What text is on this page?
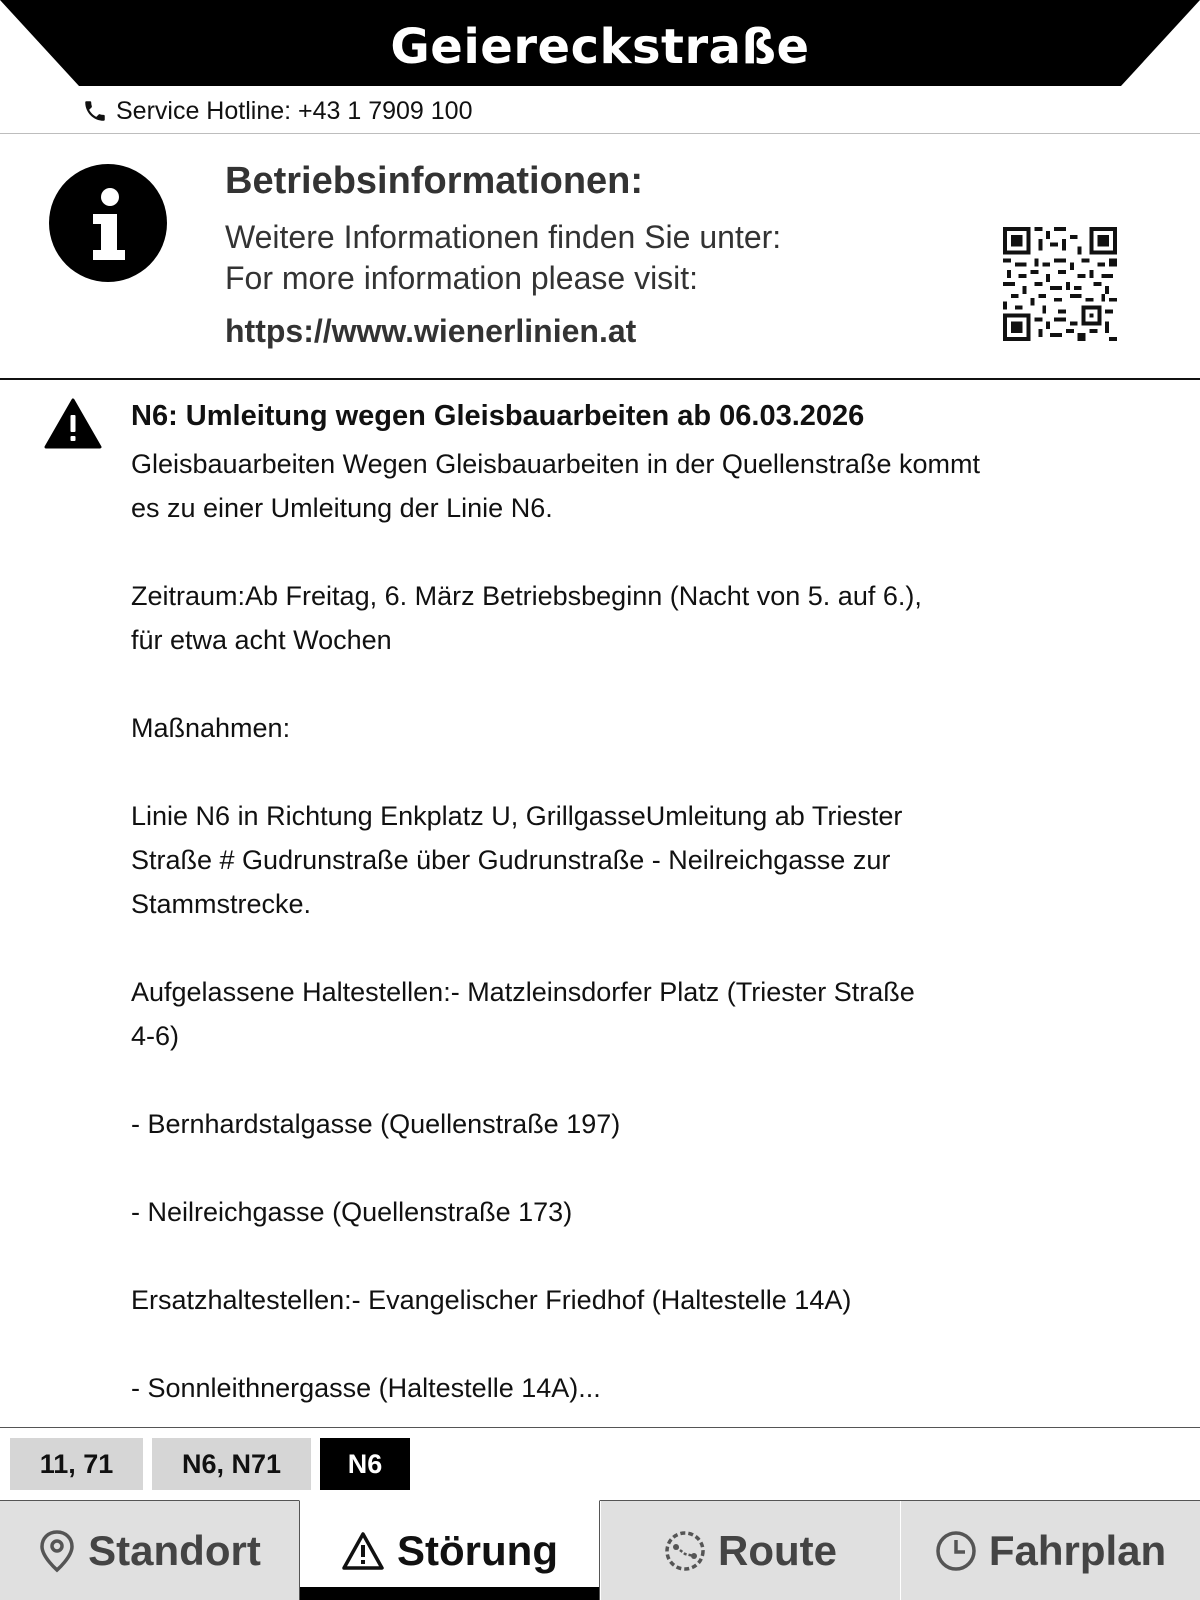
Geiereckstraße
Service Hotline: +43 1 7909 100
Betriebsinformationen:
Weitere Informationen finden Sie unter:
For more information please visit:
https://www.wienerlinien.at
N6: Umleitung wegen Gleisbauarbeiten ab 06.03.2026

Gleisbauarbeiten Wegen Gleisbauarbeiten in der Quellenstraße kommt
es zu einer Umleitung der Linie N6.

Zeitraum:Ab Freitag, 6. März Betriebsbeginn (Nacht von 5. auf 6.),
für etwa acht Wochen

Maßnahmen:

Linie N6 in Richtung Enkplatz U, GrillgasseUmleitung ab Triester
Straße # Gudrunstraße über Gudrunstraße - Neilreichgasse zur
Stammstrecke.

Aufgelassene Haltestellen:- Matzleinsdorfer Platz (Triester Straße
4-6)

- Bernhardstalgasse (Quellenstraße 197)

- Neilreichgasse (Quellenstraße 173)

Ersatzhaltestellen:- Evangelischer Friedhof (Haltestelle 14A)

- Sonnleithnergasse (Haltestelle 14A)...

11, 71	N6, N71	N6
Standort	Störung	Route	Fahrplan
